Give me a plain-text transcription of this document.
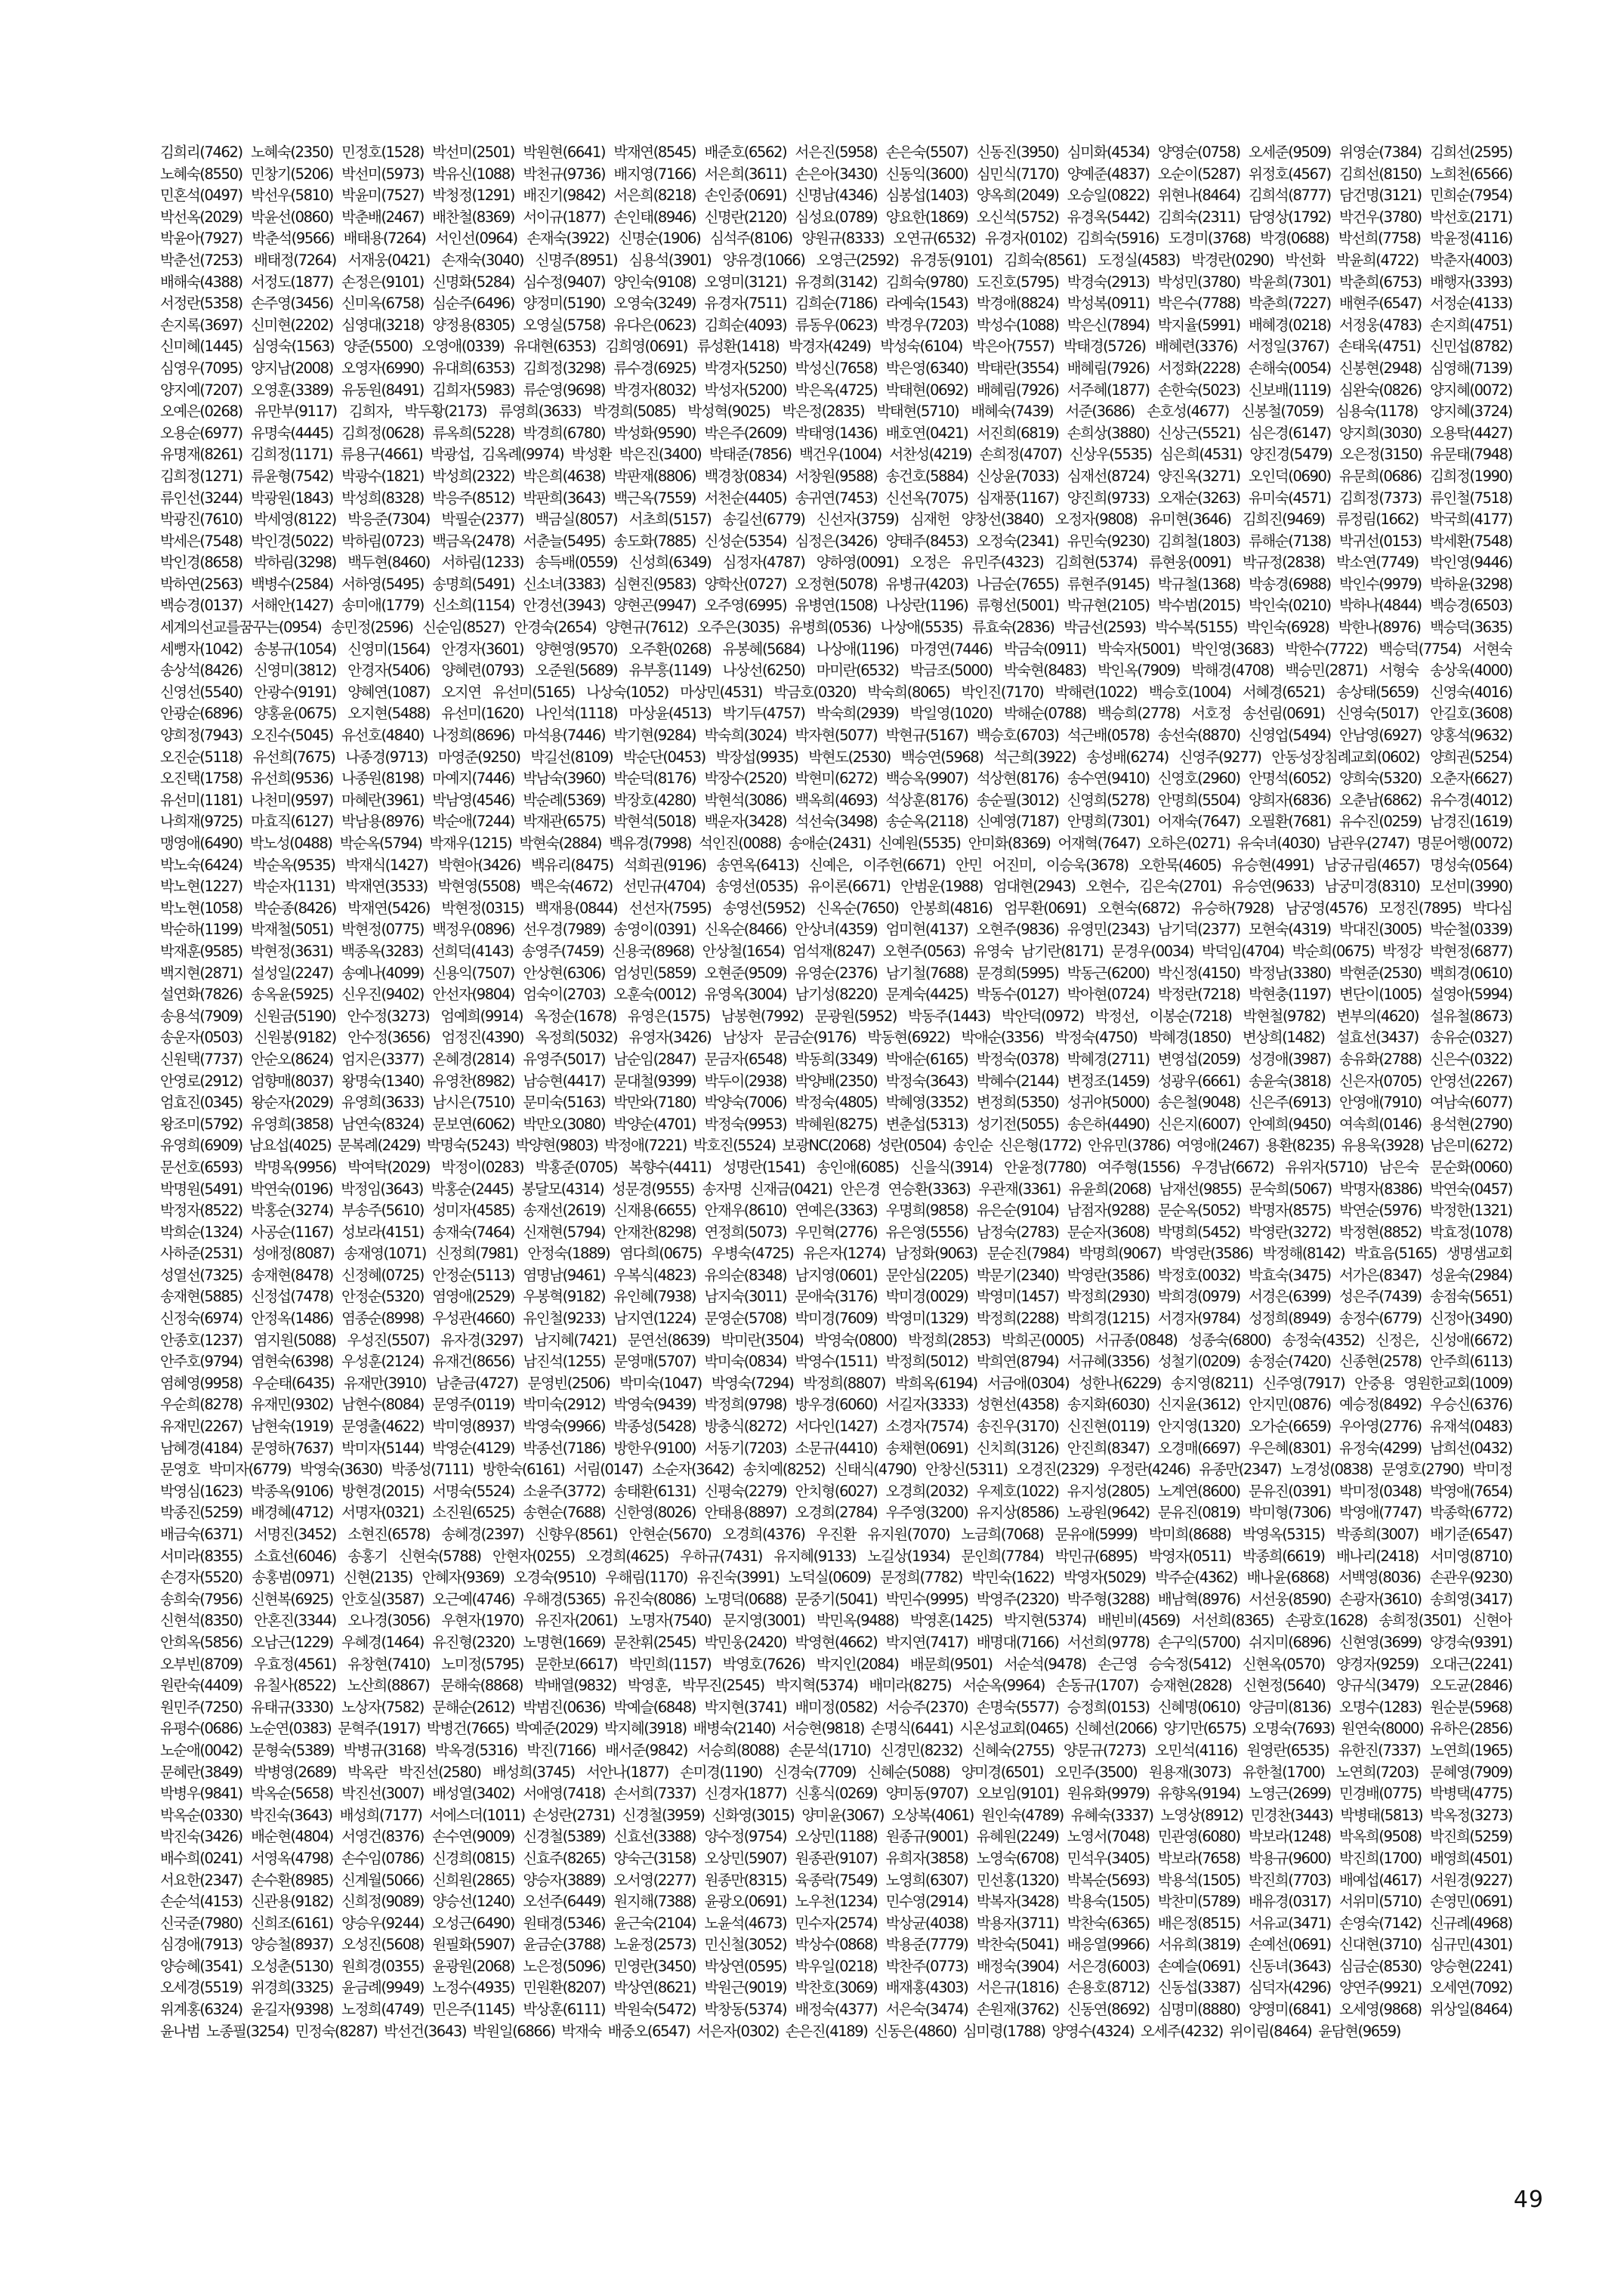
김희리(7462) 노혜숙(2350) 민정호(1528) 박선미(2501) 박원현(6641) 박재연(8545) 배준호(6562) 서은진(5958) 손은숙(5507) 신동진(3950) 심미화(4534) 양영순(0758) 오세준(9509) 위영순(7384) 김희선(2595) 노혜숙(8550) 민창기(5206) 박선미(5973) 박유신(1088) 박천규(9736) 배지영(7166) 서은희(3611) 손은아(3430) 신동익(3600) 심민식(7170) 양예준(4837) 오순이(5287) 위정호(4567) 김희선(8150) 노희천(6566) 민혼석(0497) 박선우(5810) 박윤미(7527) 박청정(1291) 배진기(9842) 서은희(8218) 손인중(0691) 신명남(4346) 심봉섭(1403) 양옥희(2049) 오승일(0822) 위현나(8464) 김희석(8777) 담건명(3121) 민희순(7954) 박선옥(2029) 박윤선(0860) 박춘배(2467) 배찬철(8369) 서이규(1877) 손인태(8946) 신명란(2120) 심성요(0789) 양요한(1869) 오신석(5752) 유경옥(5442) 김희숙(2311) 담영상(1792) 박건우(3780) 박선호(2171) 박윤아(7927) 박춘석(9566) 배태용(7264) 서인선(0964) 손재숙(3922) 신명순(1906) 심석주(8106) 양원규(8333) 오연규(6532) 유경자(0102) 김희숙(5916) 도경미(3768) 박경(0688) 박선희(7758) 박윤정(4116) 박춘선(7253) 배태정(7264) 서재웅(0421) 손재숙(3040) 신명주(8951) 심용석(3901) 양유경(1066) 오영근(2592) 유경동(9101) 김희숙(8561) 도정실(4583) 박경란(0290) 박선화 박윤희(4722) 박춘자(4003) 배해숙(4388) 서정도(1877) 손정은(9101) 신명화(5284) 심수정(9407) 양인숙(9108) 오영미(3121) 유경희(3142) 김희숙(9780) 도진호(5795) 박경숙(2913) 박성민(3780) 박윤희(7301) 박춘희(6753) 배행자(3393) 서정란(5358) 손주영(3456) 신미옥(6758) 심순주(6496) 양정미(5190) 오영숙(3249) 유경자(7511) 김희순(7186) 라예숙(1543) 박경애(8824) 박성복(0911) 박은수(7788) 박춘희(7227) 배현주(6547) 서정순(4133) 손지록(3697) 신미현(2202) 심영대(3218) 양정용(8305) 오영실(5758) 유다은(0623) 김희순(4093) 류동우(0623) 박경우(7203) 박성수(1088) 박은신(7894) 박지율(5991) 배혜경(0218) 서정웅(4783) 손지희(4751) 신미혜(1445) 심영숙(1563) 양준(5500) 오영애(0339) 유대현(6353) 김희영(0691) 류성환(1418) 박경자(4249) 박성숙(6104) 박은아(7557) 박태경(5726) 배혜련(3376) 서정일(3767) 손태욱(4751) 신민섭(8782) 심영우(7095) 양지남(2008) 오영자(6990) 유대희(6353) 김희정(3298) 류수경(6925) 박경자(5250) 박성신(7658) 박은영(6340) 박태란(3554) 배혜림(7926) 서정화(2228) 손해숙(0054) 신봉현(2948) 심영해(7139) 양지예(7207) 오영훈(3389) 유동원(8491) 김희자(5983) 류순영(9698) 박경자(8032) 박성자(5200) 박은옥(4725) 박태현(0692) 배혜림(7926) 서주혜(1877) 손한숙(5023) 신보배(1119) 심완숙(0826) 양지혜(0072) 오예은(0268) 유만부(9117) 김희자, 박두황(2173) 류영희(3633) 박경희(5085) 박성혁(9025) 박은정(2835) 박태현(5710) 배혜숙(7439) 서준(3686) 손호성(4677) 신봉철(7059) 심용숙(1178) 양지혜(3724) 오용순(6977) 유명숙(4445) 김희정(0628) 류옥희(5228) 박경희(6780) 박성화(9590) 박은주(2609) 박태영(1436) 배호연(0421) 서진희(6819) 손희상(3880) 신상근(5521) 심은경(6147) 양지희(3030) 오용탁(4427) 유명재(8261) 김희정(1171) 류용구(4661) 박광섭, 김옥례(9974) 박성환 박은진(3400) 박태준(7856) 백건우(1004) 서찬성(4219) 손희정(4707) 신상우(5535) 심은희(4531) 양진경(5479) 오은정(3150) 유문태(7948) 김희정(1271) 류윤형(7542) 박광수(1821) 박성희(2322) 박은희(4638) 박판재(8806) 백경창(0834) 서창원(9588) 송건호(5884) 신상윤(7033) 심재선(8724) 양진옥(3271) 오인덕(0690) 유문희(0686) 김희정(1990) 류인선(3244) 박광원(1843) 박성희(8328) 박응주(8512) 박판희(3643) 백근옥(7559) 서천순(4405) 송귀연(7453) 신선옥(7075) 심재풍(1167) 양진희(9733) 오재순(3263) 유미숙(4571) 김희정(7373) 류인철(7518) 박광진(7610) 박세영(8122) 박응준(7304) 박필순(2377) 백금실(8057) 서초희(5157) 송길선(6779) 신선자(3759) 심재헌 양창선(3840) 오정자(9808) 유미현(3646) 김희진(9469) 류정림(1662) 박국희(4177) 박세은(7548) 박인경(5022) 박하림(0723) 백금옥(2478) 서춘늘(5495) 송도화(7885) 신성순(5354) 심정은(3426) 양태주(8453) 오정숙(2341) 유민숙(9230) 김희철(1803) 류해순(7138) 박귀선(0153) 박세환(7548) 박인경(8658) 박하림(3298) 백두현(8460) 서하림(1233) 송득배(0559) 신성희(6349) 심정자(4787) 양하영(0091) 오정은 유민주(4323) 김희현(5374) 류현웅(0091) 박규정(2838) 박소연(7749) 박인영(9446) 박하연(2563) 백병수(2584) 서하영(5495) 송명희(5491) 신소녀(3383) 심현진(9583) 양학산(0727) 오정현(5078) 유병규(4203) 나금순(7655) 류현주(9145) 박규철(1368) 박송경(6988) 박인수(9979) 박하윤(3298) 백승경(0137) 서해안(1427) 송미애(1779) 신소희(1154) 안경선(3943) 양현곤(9947) 오주영(6995) 유병연(1508) 나상란(1196) 류형선(5001) 박규현(2105) 박수범(2015) 박인숙(0210) 박하나(4844) 백승경(6503) 세계의선교를꿈꾸는(0954) 송민정(2596) 신순임(8527) 안경숙(2654) 양현규(7612) 오주은(3035) 유병희(0536) 나상애(5535) 류효숙(2836) 박금선(2593) 박수복(5155) 박인숙(6928) 박한나(8976) 백승덕(3635) 세뻥자(1042) 송봉규(1054) 신영미(1564) 안경자(3601) 양현영(9570) 오주환(0268) 유봉혜(5684) 나상애(1196) 마경연(7446) 박금숙(0911) 박숙자(5001) 박인영(3683) 박한수(7722) 백승덕(7754) 서현숙 송상석(8426) 신영미(3812) 안경자(5406) 양혜련(0793) 오준원(5689) 유부흥(1149) 나상선(6250) 마미란(6532) 박금조(5000) 박숙현(8483) 박인옥(7909) 박해경(4708) 백승민(2871) 서형숙 송상욱(4000) 신영선(5540) 안광수(9191) 양혜연(1087) 오지연 유선미(5165) 나상숙(1052) 마상민(4531) 박금호(0320) 박숙희(8065) 박인진(7170) 박해련(1022) 백승호(1004) 서혜경(6521) 송상태(5659) 신영숙(4016) 안광순(6896) 양홍윤(0675) 오지현(5488) 유선미(1620) 나인석(1118) 마상윤(4513) 박기두(4757) 박숙희(2939) 박일영(1020) 박해순(0788) 백승희(2778) 서호정 송선림(0691) 신영숙(5017) 안길호(3608) 양희정(7943) 오진수(5045) 유선호(4840) 나정희(8696) 마석용(7446) 박기현(9284) 박숙희(3024) 박자현(5077) 박현규(5167) 백승호(6703) 석근배(0578) 송선숙(8870) 신영업(5494) 안남영(6927) 양홍석(9632) 오진순(5118) 유선희(7675) 나종경(9713) 마영준(9250) 박길선(8109) 박순단(0453) 박장섭(9935) 박현도(2530) 백승연(5968) 석근희(3922) 송성배(6274) 신영주(9277) 안동성장침례교회(0602) 양희권(5254) 오진택(1758) 유선희(9536) 나종원(8198) 마예지(7446) 박남숙(3960) 박순덕(8176) 박장수(2520) 박현미(6272) 백승옥(9907) 석상현(8176) 송수연(9410) 신영호(2960) 안명석(6052) 양희숙(5320) 오춘자(6627) 유선미(1181) 나천미(9597) 마혜란(3961) 박남영(4546) 박순례(5369) 박장호(4280) 박현석(3086) 백옥희(4693) 석상훈(8176) 송순필(3012) 신영희(5278) 안명희(5504) 양희자(6836) 오춘남(6862) 유수경(4012) 나희재(9725) 마효직(6127) 박남용(8976) 박순애(7244) 박재관(6575) 박현석(5018) 백운자(3428) 석선숙(3498) 송순옥(2118) 신예영(7187) 안명희(7301) 어재숙(7647) 오필환(7681) 유수진(0259) 남경진(1619) 맹영애(6490) 박노성(0488) 박순옥(5794) 박재우(1215) 박현숙(2884) 백유경(7998) 석인진(0088) 송애순(2431) 신예원(5535) 안미화(8369) 어재혁(7647) 오하은(0271) 유숙녀(4030) 남관우(2747) 명문어행(0072) 박노숙(6424) 박순옥(9535) 박재식(1427) 박현아(3426) 백유리(8475) 석희권(9196) 송연옥(6413) 신예은, 이주헌(6671) 안민 어진미, 이승욱(3678) 오한묵(4605) 유승현(4991) 남궁규림(4657) 명성숙(0564) 박노현(1227) 박순자(1131) 박재연(3533) 박현영(5508) 백은숙(4672) 선민규(4704) 송영선(0535) 유이론(6671) 안범운(1988) 엄대현(2943) 오현수, 김은숙(2701) 유승연(9633) 남궁미경(8310) 모선미(3990) 박노현(1058) 박순종(8426) 박재연(5426) 박현정(0315) 백재용(0844) 선선자(7595) 송영선(5952) 신옥순(7650) 안봉희(4816) 엄무환(0691) 오현숙(6872) 유승하(7928) 남궁영(4576) 모정진(7895) 박다심 박순하(1199) 박재철(5051) 박현정(0775) 백정우(0896) 선우경(7989) 송영이(0391) 신옥순(8466) 안상녀(4359) 엄미현(4137) 오현주(9836) 유영민(2343) 남기덕(2377) 모현숙(4319) 박대진(3005) 박순철(0339) 박재훈(9585) 박현정(3631) 백종옥(3283) 선희덕(4143) 송영주(7459) 신용국(8968) 안상철(1654) 엄석재(8247) 오현주(0563) 유영숙 남기란(8171) 문경우(0034) 박덕임(4704) 박순희(0675) 박정강 박현정(6877) 백지현(2871) 설성일(2247) 송예나(4099) 신용익(7507) 안상현(6306) 엄성민(5859) 오현준(9509) 유영순(2376) 남기철(7688) 문경희(5995) 박동근(6200) 박신정(4150) 박정남(3380) 박현준(2530) 백희경(0610) 설연화(7826) 송옥윤(5925) 신우진(9402) 안선자(9804) 엄숙이(2703) 오훈숙(0012) 유영옥(3004) 남기성(8220) 문계숙(4425) 박동수(0127) 박아현(0724) 박정란(7218) 박현충(1197) 변단이(1005) 설영아(5994) 송용석(7909) 신원금(5190) 안수정(3273) 엄예희(9914) 옥정순(1678) 유영은(1575) 남봉현(7992) 문광원(5952) 박동주(1443) 박안덕(0972) 박정선, 이봉순(7218) 박현철(9782) 변부의(4620) 설유철(8673) 송운자(0503) 신원봉(9182) 안수정(3656) 엄정진(4390) 옥정희(5032) 유영자(3426) 남상자 문금순(9176) 박동현(6922) 박애순(3356) 박정숙(4750) 박혜경(1850) 변상희(1482) 설효선(3437) 송유순(0327) 신원택(7737) 안순오(8624) 엄지은(3377) 온혜경(2814) 유영주(5017) 남순임(2847) 문금자(6548) 박동희(3349) 박애순(6165) 박정숙(0378) 박혜경(2711) 변영섭(2059) 성경애(3987) 송유화(2788) 신은수(0322) 안영로(2912) 엄향매(8037) 왕명숙(1340) 유영찬(8982) 남승현(4417) 문대철(9399) 박두이(2938) 박양배(2350) 박정숙(3643) 박혜수(2144) 변정조(1459) 성광우(6661) 송윤숙(3818) 신은자(0705) 안영선(2267) 엄효진(0345) 왕순자(2029) 유영희(3633) 남시은(7510) 문미숙(5163) 박만와(7180) 박양숙(7006) 박정숙(4805) 박혜영(3352) 변정희(5350) 성귀야(5000) 송은철(9048) 신은주(6913) 안영애(7910) 여남숙(6077) 왕조미(5792) 유영희(3858) 남연숙(8324) 문보연(6062) 박만오(3080) 박양순(4701) 박정숙(9953) 박혜원(8275) 변춘섭(5313) 성기전(5055) 송은하(4490) 신은지(6007) 안예희(9450) 여속희(0146) 용석현(2790) 유영희(6909) 남요섭(4025) 문복례(2429) 박명숙(5243) 박양현(9803) 박정애(7221) 박호진(5524) 보광NC(2068) 성란(0504) 송인순 신은형(1772) 안유민(3786) 여영애(2467) 용환(8235) 유용욱(3928) 남은미(6272) 문선호(6593) 박명옥(9956) 박여탁(2029) 박정이(0283) 박홍준(0705) 복향수(4411) 성명란(1541) 송인애(6085) 신을식(3914) 안윤정(7780) 여주형(1556) 우경남(6672) 유위자(5710) 남은숙 문순화(0060) 박명원(5491) 박연숙(0196) 박정임(3643) 박홍순(2445) 봉달모(4314) 성문경(9555) 송자명 신재금(0421) 안은경 연승환(3363) 우관재(3361) 유윤희(2068) 남재선(9855) 문숙희(5067) 박명자(8386) 박연숙(0457) 박정자(8522) 박홍순(3274) 부송주(5610) 성미자(4585) 송재선(2619) 신재용(6655) 안재우(8610) 연예은(3363) 우명희(9858) 유은순(9104) 남점자(9288) 문순옥(5052) 박명자(8575) 박연순(5976) 박정한(1321) 박희순(1324) 사공순(1167) 성보라(4151) 송재숙(7464) 신재현(5794) 안재찬(8298) 연정희(5073) 우민혁(2776) 유은영(5556) 남정숙(2783) 문순자(3608) 박명희(5452) 박영란(3272) 박정현(8852) 박효정(1078) 사하준(2531) 성애정(8087) 송재영(1071) 신정희(7981) 안정숙(1889) 염다희(0675) 우병숙(4725) 유은자(1274) 남정화(9063) 문순진(7984) 박명희(9067) 박영란(3586) 박정해(8142) 박효음(5165) 생명샘교회 성열선(7325) 송재현(8478) 신정혜(0725) 안정순(5113) 염명남(9461) 우복식(4823) 유의순(8348) 남지영(0601) 문안심(2205) 박문기(2340) 박영란(3586) 박정호(0032) 박효숙(3475) 서가은(8347) 성윤숙(2984) 송재현(5885) 신정섭(7478) 안정순(5320) 염영애(2529) 우봉혁(9182) 유인혜(7938) 남지숙(3011) 문애숙(3176) 박미경(0029) 박영미(1457) 박정희(2930) 박희경(0979) 서경은(6399) 성은주(7439) 송점숙(5651) 신정숙(6974) 안정옥(1486) 염종순(8998) 우성관(4660) 유인철(9233) 남지연(1224) 문영순(5708) 박미경(7609) 박영미(1329) 박정희(2288) 박희경(1215) 서경자(9784) 성정희(8949) 송정수(6779) 신정아(3490) 안종호(1237) 염지원(5088) 우성진(5507) 유자경(3297) 남지혜(7421) 문연선(8639) 박미란(3504) 박영숙(0800) 박정희(2853) 박희곤(0005) 서규종(0848) 성종숙(6800) 송정숙(4352) 신정은, 신성애(6672) 안주호(9794) 염현숙(6398) 우성훈(2124) 유재건(8656) 남진석(1255) 문영매(5707) 박미숙(0834) 박영수(1511) 박정희(5012) 박희연(8794) 서규혜(3356) 성철기(0209) 송정순(7420) 신종현(2578) 안주희(6113) 염혜영(9958) 우순태(6435) 유재만(3910) 남춘금(4727) 문영빈(2506) 박미숙(1047) 박영숙(7294) 박정희(8807) 박희옥(6194) 서금애(0304) 성한나(6229) 송지영(8211) 신주영(7917) 안중용 영원한교회(1009) 우순희(8278) 유재민(9302) 남현수(8084) 문영주(0119) 박미숙(2912) 박영숙(9439) 박정희(9798) 방우경(6060) 서길자(3333) 성현선(4358) 송지화(6030) 신지윤(3612) 안지민(0876) 예승정(8492) 우승신(6376) 유재민(2267) 남현숙(1919) 문영출(4622) 박미영(8937) 박영숙(9966) 박종성(5428) 방충식(8272) 서다인(1427) 소경자(7574) 송진우(3170) 신진현(0119) 안지영(1320) 오가순(6659) 우아영(2776) 유재석(0483) 남혜경(4184) 문영하(7637) 박미자(5144) 박영순(4129) 박종선(7186) 방한우(9100) 서동기(7203) 소문규(4410) 송채현(0691) 신치희(3126) 안진희(8347) 오경매(6697) 우은혜(8301) 유정숙(4299) 남희선(0432) 문영호 박미자(6779) 박영숙(3630) 박종성(7111) 방한숙(6161) 서림(0147) 소순자(3642) 송치예(8252) 신태식(4790) 안창신(5311) 오경진(2329) 우정란(4246) 유종만(2347) 노경성(0838) 문영호(2790) 박미정 박영심(1623) 박종옥(9106) 방현경(2015) 서명숙(5524) 소윤주(3772) 송태환(6131) 신평숙(2279) 안치형(6027) 오경희(2032) 우제호(1022) 유지성(2805) 노계연(8600) 문유진(0391) 박미정(0348) 박영애(7654) 박종진(5259) 배경혜(4712) 서명자(0321) 소진원(6525) 송현순(7688) 신한영(8026) 안태용(8897) 오경희(2784) 우주영(3200) 유지상(8586) 노광원(9642) 문유진(0819) 박미형(7306) 박영애(7747) 박종학(6772) 배금숙(6371) 서명진(3452) 소현진(6578) 송혜경(2397) 신향우(8561) 안현순(5670) 오경희(4376) 우진환 유지원(7070) 노금희(7068) 문유애(5999) 박미희(8688) 박영옥(5315) 박종희(3007) 배기준(6547) 서미라(8355) 소효선(6046) 송홍기 신현숙(5788) 안현자(0255) 오경희(4625) 우하규(7431) 유지혜(9133) 노길상(1934) 문인희(7784) 박민규(6895) 박영자(0511) 박종희(6619) 배나리(2418) 서미영(8710) 손경자(5520) 송홍범(0971) 신현(2135) 안혜자(9369) 오경숙(9510) 우해림(1170) 유진숙(3991) 노덕실(0609) 문정희(7782) 박민숙(1622) 박영자(5029) 박주순(4362) 배나윤(6868) 서백영(8036) 손관우(9230) 송희숙(7956) 신현복(6925) 안호실(3587) 오근예(4746) 우해경(5365) 유진숙(8086) 노명덕(0688) 문중기(5041) 박민수(9995) 박영주(2320) 박주형(3288) 배남혁(8976) 서선웅(8590) 손광자(3610) 송희영(3417) 신현석(8350) 안혼진(3344) 오나경(3056) 우현자(1970) 유진자(2061) 노명자(7540) 문지영(3001) 박민옥(9488) 박영혼(1425) 박지현(5374) 배빈비(4569) 서선희(8365) 손광호(1628) 송희정(3501) 신현아 안희옥(5856) 오남근(1229) 우혜경(1464) 유진형(2320) 노명현(1669) 문찬휘(2545) 박민웅(2420) 박영현(4662) 박지연(7417) 배명대(7166) 서선희(9778) 손구익(5700) 쉬지미(6896) 신현영(3699) 양경숙(9391) 오부빈(8709) 우효정(4561) 유창현(7410) 노미정(5795) 문한보(6617) 박민희(1157) 박영호(7626) 박지인(2084) 배문희(9501) 서순석(9478) 손근영 승숙정(5412) 신현옥(0570) 양경자(9259) 오대근(2241) 원란숙(4409) 유칠사(8522) 노산희(8867) 문해숙(8868) 박배열(9832) 박영훈, 박무진(2545) 박지혁(5374) 배미라(8275) 서순옥(9964) 손동규(1707) 승재현(2828) 신현정(5640) 양규식(3479) 오도균(2846) 원민주(7250) 유태규(3330) 노상자(7582) 문해순(2612) 박범진(0636) 박예슬(6848) 박지현(3741) 배미정(0582) 서승주(2370) 손명숙(5577) 승정희(0153) 신혜명(0610) 양금미(8136) 오명수(1283) 원순분(5968) 유평수(0686) 노순연(0383) 문혁주(1917) 박병건(7665) 박예준(2029) 박지혜(3918) 배병숙(2140) 서승현(9818) 손명식(6441) 시온성교회(0465) 신혜선(2066) 양기만(6575) 오명숙(7693) 원연숙(8000) 유하은(2856) 노순애(0042) 문형숙(5389) 박병규(3168) 박옥경(5316) 박진(7166) 배서준(9842) 서승희(8088) 손문석(1710) 신경민(8232) 신혜숙(2755) 양문규(7273) 오민석(4116) 원영란(6535) 유한진(7337) 노연희(1965) 문혜란(3849) 박병영(2689) 박옥란 박진선(2580) 배성희(3745) 서안나(1877) 손미경(1190) 신경숙(7709) 신혜순(5088) 양미경(6501) 오민주(3500) 원용재(3073) 유한철(1700) 노연희(7203) 문혜영(7909) 박병우(9841) 박옥순(5658) 박진선(3007) 배성열(3402) 서애영(7418) 손서희(7337) 신경자(1877) 신홍식(0269) 양미동(9707) 오보임(9101) 원유화(9979) 유향옥(9194) 노영근(2699) 민경배(0775) 박병택(4775) 박옥순(0330) 박진숙(3643) 배성희(7177) 서에스더(1011) 손성란(2731) 신경철(3959) 신화영(3015) 양미윤(3067) 오상복(4061) 원인숙(4789) 유혜숙(3337) 노영상(8912) 민경찬(3443) 박병태(5813) 박옥정(3273) 박진숙(3426) 배순현(4804) 서영건(8376) 손수연(9009) 신경철(5389) 신효선(3388) 양수정(9754) 오상민(1188) 원종규(9001) 유혜원(2249) 노영서(7048) 민관영(6080) 박보라(1248) 박옥희(9508) 박진희(5259) 배수희(0241) 서영옥(4798) 손수임(0786) 신경희(0815) 신효주(8265) 양숙근(3158) 오상민(5907) 원종관(9107) 유희자(3858) 노영숙(6708) 민석우(3405) 박보라(7658) 박용규(9600) 박진희(1700) 배영희(4501) 서요한(2347) 손수환(8985) 신계월(5066) 신희원(2865) 양승자(3889) 오서영(2277) 원종만(8315) 육종락(7549) 노영희(6307) 민선홍(1320) 박복순(5693) 박용석(1505) 박진희(7703) 배예섭(4617) 서원경(9227) 손순석(4153) 신관용(9182) 신희정(9089) 양승선(1240) 오선주(6449) 원지해(7388) 윤광오(0691) 노우천(1234) 민수영(2914) 박복자(3428) 박용숙(1505) 박찬미(5789) 배유경(0317) 서위미(5710) 손영민(0691) 신국준(7980) 신희조(6161) 양승우(9244) 오성근(6490) 원태경(5346) 윤근숙(2104) 노윤석(4673) 민수자(2574) 박상균(4038) 박용자(3711) 박찬숙(6365) 배은정(8515) 서유교(3471) 손영숙(7142) 신규례(4968) 심경애(7913) 양승철(8937) 오성진(5608) 원필화(5907) 윤금순(3788) 노윤정(2573) 민신철(3052) 박상수(0868) 박용준(7779) 박찬숙(5041) 배응열(9966) 서유희(3819) 손예선(0691) 신대현(3710) 심규민(4301) 양승혜(3541) 오성춘(5130) 원희경(0355) 윤광원(2068) 노은정(5096) 민영란(3450) 박상연(0595) 박우일(0218) 박찬주(0773) 배정숙(3904) 서은경(6003) 손예슬(0691) 신동녀(3643) 심금순(8530) 양승현(2241) 오세경(5519) 위경희(3325) 윤금례(9949) 노정수(4935) 민원환(8207) 박상연(8621) 박원근(9019) 박찬호(3069) 배재홍(4303) 서은규(1816) 손용호(8712) 신동섭(3387) 심덕자(4296) 양연주(9921) 오세연(7092) 위계홍(6324) 윤길자(9398) 노정희(4749) 민은주(1145) 박상훈(6111) 박원숙(5472) 박창동(5374) 배정숙(4377) 서은숙(3474) 손원재(3762) 신동연(8692) 심명미(8880) 양영미(6841) 오세영(9868) 위상일(8464) 윤나범 노종필(3254) 민정숙(8287) 박선건(3643) 박원일(6866) 박재숙 배중오(6547) 서은자(0302) 손은진(4189) 신동은(4860) 심미령(1788) 양영수(4324) 오세주(4232) 위이림(8464) 윤담현(9659)
49
